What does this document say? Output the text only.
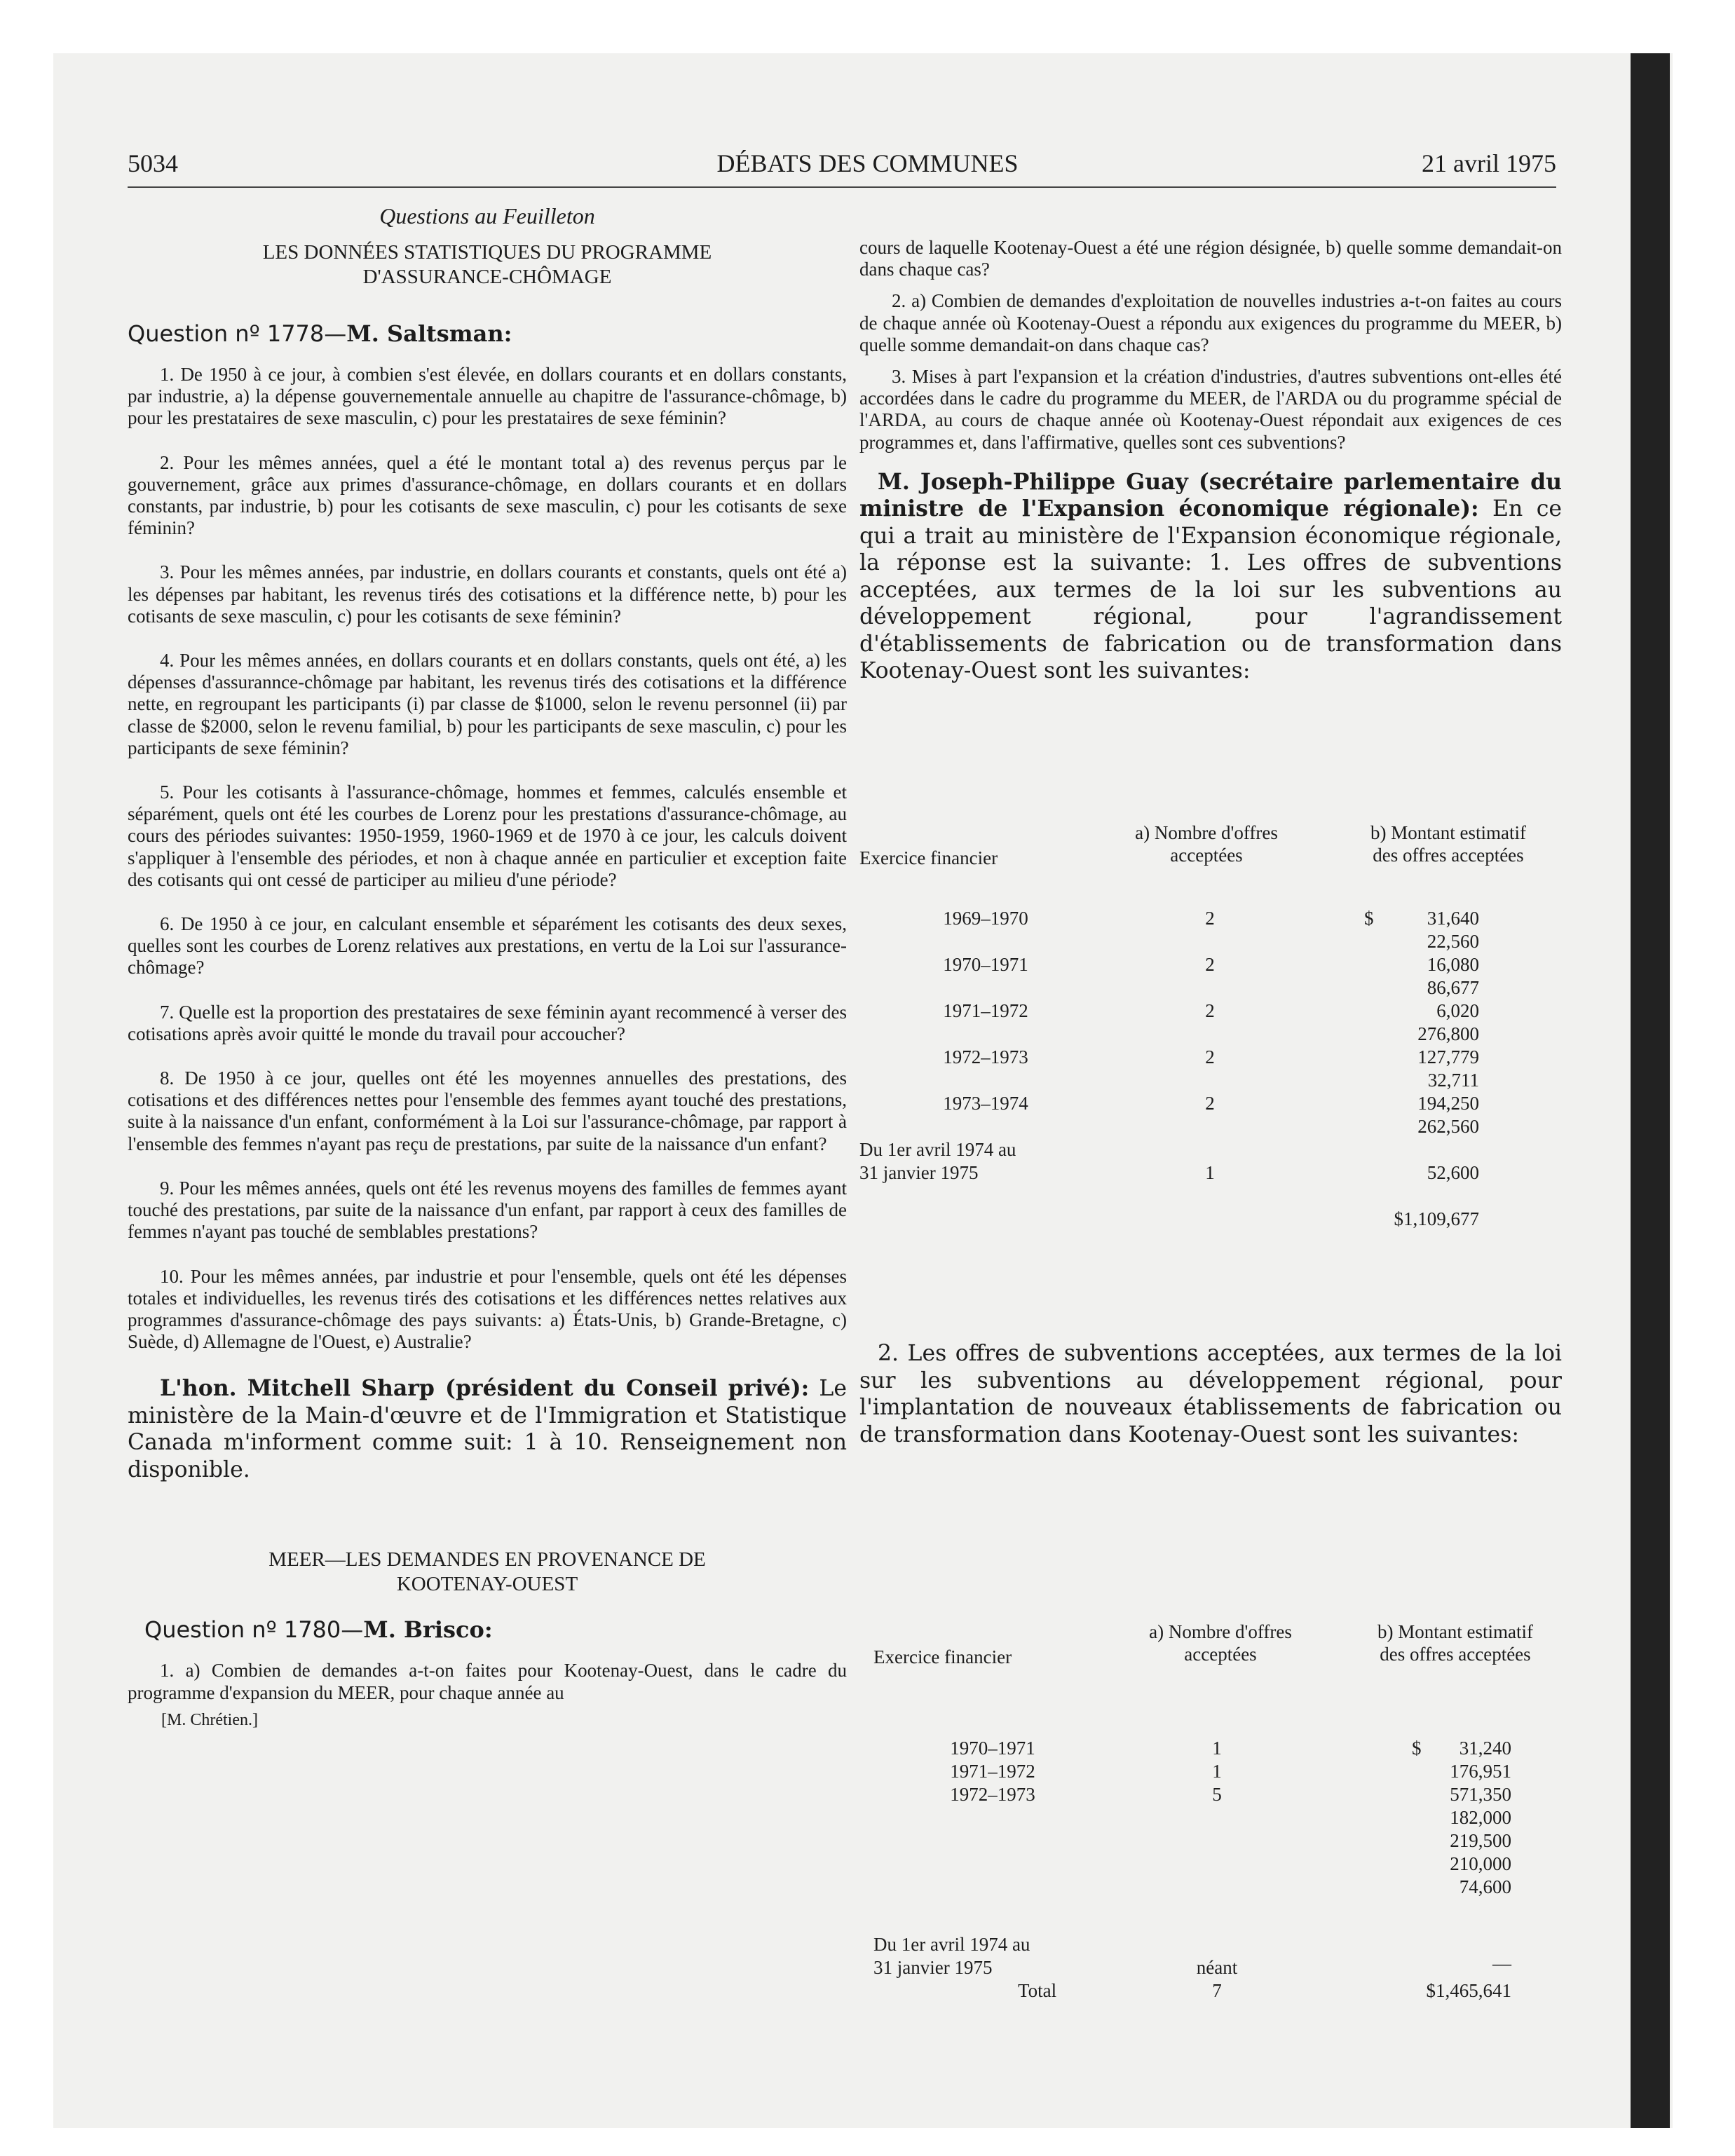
5034	DÉBATS DES COMMUNES	21 avril 1975
Questions au Feuilleton
LES DONNÉES STATISTIQUES DU PROGRAMME
D'ASSURANCE-CHÔMAGE
Question nº 1778—M. Saltsman:

1. De 1950 à ce jour, à combien s'est élevée, en dollars courants et en dollars constants, par industrie, a) la dépense gouvernementale annuelle au chapitre de l'assurance-chômage, b) pour les prestataires de sexe masculin, c) pour les prestataires de sexe féminin?

2. Pour les mêmes années, quel a été le montant total a) des revenus perçus par le gouvernement, grâce aux primes d'assurance-chômage, en dollars courants et en dollars constants, par industrie, b) pour les cotisants de sexe masculin, c) pour les cotisants de sexe féminin?

3. Pour les mêmes années, par industrie, en dollars courants et constants, quels ont été a) les dépenses par habitant, les revenus tirés des cotisations et la différence nette, b) pour les cotisants de sexe masculin, c) pour les cotisants de sexe féminin?

4. Pour les mêmes années, en dollars courants et en dollars constants, quels ont été, a) les dépenses d'assurannce-chômage par habitant, les revenus tirés des cotisations et la différence nette, en regroupant les participants (i) par classe de $1000, selon le revenu personnel (ii) par classe de $2000, selon le revenu familial, b) pour les participants de sexe masculin, c) pour les participants de sexe féminin?

5. Pour les cotisants à l'assurance-chômage, hommes et femmes, calculés ensemble et séparément, quels ont été les courbes de Lorenz pour les prestations d'assurance-chômage, au cours des périodes suivantes: 1950-1959, 1960-1969 et de 1970 à ce jour, les calculs doivent s'appliquer à l'ensemble des périodes, et non à chaque année en particulier et exception faite des cotisants qui ont cessé de participer au milieu d'une période?

6. De 1950 à ce jour, en calculant ensemble et séparément les cotisants des deux sexes, quelles sont les courbes de Lorenz relatives aux prestations, en vertu de la Loi sur l'assurance-chômage?

7. Quelle est la proportion des prestataires de sexe féminin ayant recommencé à verser des cotisations après avoir quitté le monde du travail pour accoucher?

8. De 1950 à ce jour, quelles ont été les moyennes annuelles des prestations, des cotisations et des différences nettes pour l'ensemble des femmes ayant touché des prestations, suite à la naissance d'un enfant, conformément à la Loi sur l'assurance-chômage, par rapport à l'ensemble des femmes n'ayant pas reçu de prestations, par suite de la naissance d'un enfant?

9. Pour les mêmes années, quels ont été les revenus moyens des familles de femmes ayant touché des prestations, par suite de la naissance d'un enfant, par rapport à ceux des familles de femmes n'ayant pas touché de semblables prestations?

10. Pour les mêmes années, par industrie et pour l'ensemble, quels ont été les dépenses totales et individuelles, les revenus tirés des cotisations et les différences nettes relatives aux programmes d'assurance-chômage des pays suivants: a) États-Unis, b) Grande-Bretagne, c) Suède, d) Allemagne de l'Ouest, e) Australie?

L'hon. Mitchell Sharp (président du Conseil privé): Le ministère de la Main-d'œuvre et de l'Immigration et Statistique Canada m'informent comme suit: 1 à 10. Renseignement non disponible.

MEER—LES DEMANDES EN PROVENANCE DE
KOOTENAY-OUEST
Question nº 1780—M. Brisco:

1. a) Combien de demandes a-t-on faites pour Kootenay-Ouest, dans le cadre du programme d'expansion du MEER, pour chaque année au

[M. Chrétien.]

cours de laquelle Kootenay-Ouest a été une région désignée, b) quelle somme demandait-on dans chaque cas?

2. a) Combien de demandes d'exploitation de nouvelles industries a-t-on faites au cours de chaque année où Kootenay-Ouest a répondu aux exigences du programme du MEER, b) quelle somme demandait-on dans chaque cas?

3. Mises à part l'expansion et la création d'industries, d'autres subventions ont-elles été accordées dans le cadre du programme du MEER, de l'ARDA ou du programme spécial de l'ARDA, au cours de chaque année où Kootenay-Ouest répondait aux exigences de ces programmes et, dans l'affirmative, quelles sont ces subventions?

M. Joseph-Philippe Guay (secrétaire parlementaire du ministre de l'Expansion économique régionale): En ce qui a trait au ministère de l'Expansion économique régionale, la réponse est la suivante: 1. Les offres de subventions acceptées, aux termes de la loi sur les subventions au développement régional, pour l'agrandissement d'établissements de fabrication ou de transformation dans Kootenay-Ouest sont les suivantes:

Exercice financier
a) Nombre d'offres
acceptées
b) Montant estimatif
des offres acceptées
1969–1970	2	$	31,640
22,560
1970–1971	2	16,080
86,677
1971–1972	2	6,020
276,800
1972–1973	2	127,779
32,711
1973–1974	2	194,250
262,560
Du 1er avril 1974 au
31 janvier 1975	1	52,600
$1,109,677

2. Les offres de subventions acceptées, aux termes de la loi sur les subventions au développement régional, pour l'implantation de nouveaux établissements de fabrication ou de transformation dans Kootenay-Ouest sont les suivantes:

Exercice financier
a) Nombre d'offres
acceptées
b) Montant estimatif
des offres acceptées
1970–1971	1	$	31,240
1971–1972	1	176,951
1972–1973	5	571,350
182,000
219,500
210,000
74,600
Du 1er avril 1974 au
31 janvier 1975	néant	—
Total	7	$1,465,641
